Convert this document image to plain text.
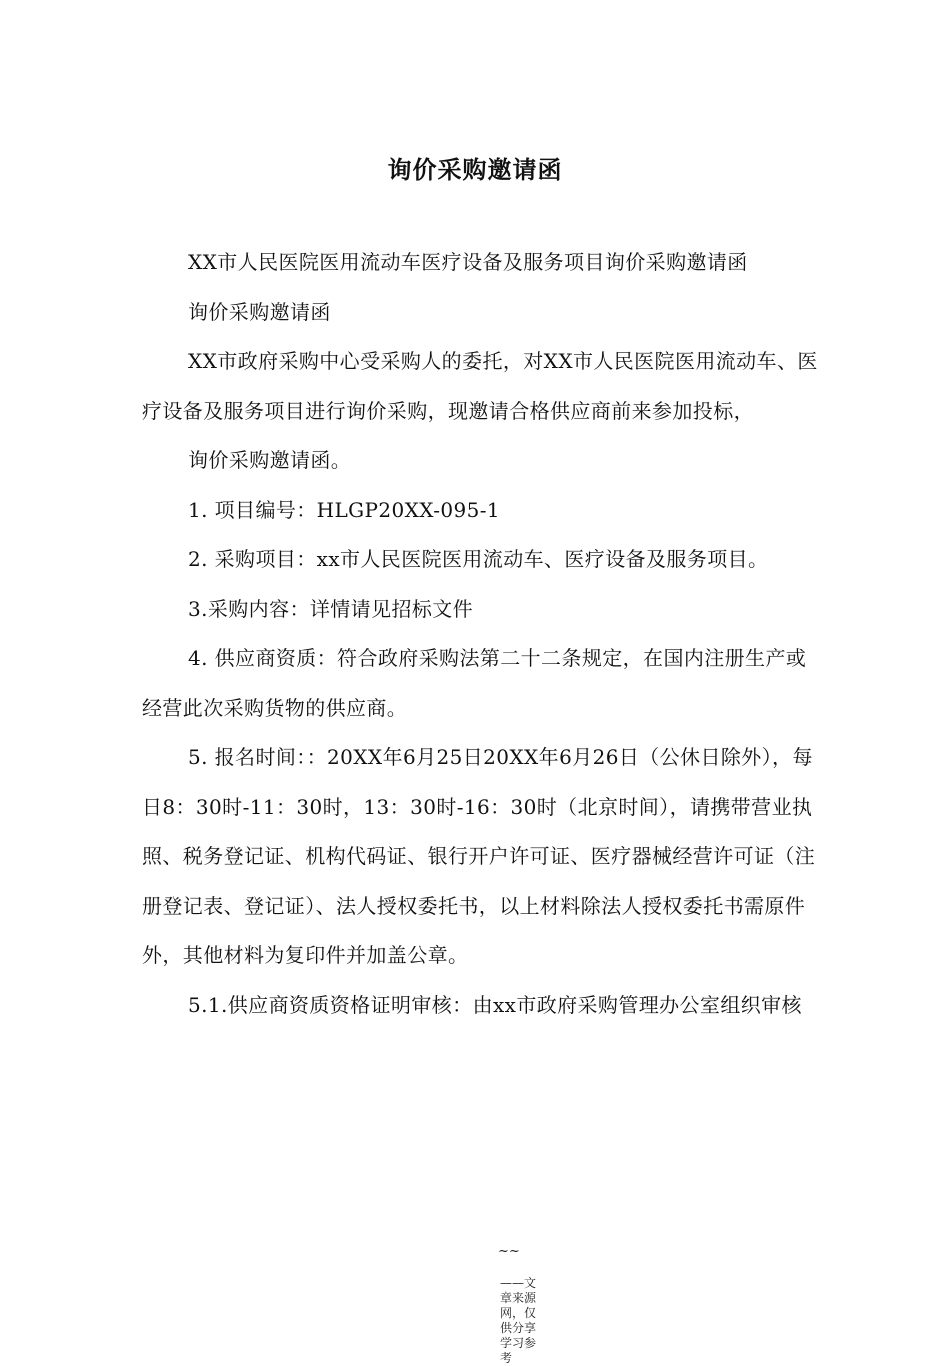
询价采购邀请函

XX市人民医院医用流动车医疗设备及服务项目询价采购邀请函

询价采购邀请函

XX市政府采购中心受采购人的委托，对XX市人民医院医用流动车、医疗设备及服务项目进行询价采购，现邀请合格供应商前来参加投标，

询价采购邀请函。

1. 项目编号：HLGP20XX-095-1

2. 采购项目：xx市人民医院医用流动车、医疗设备及服务项目。

3.采购内容：详情请见招标文件

4. 供应商资质：符合政府采购法第二十二条规定，在国内注册生产或经营此次采购货物的供应商。

5. 报名时间：：20XX年6月25日20XX年6月26日（公休日除外），每日8：30时-11：30时，13：30时-16：30时（北京时间），请携带营业执照、税务登记证、机构代码证、银行开户许可证、医疗器械经营许可证（注册登记表、登记证）、法人授权委托书，以上材料除法人授权委托书需原件外，其他材料为复印件并加盖公章。

5.1.供应商资质资格证明审核：由xx市政府采购管理办公室组织审核

~~
——文章来源网，仅供分享学习参考
